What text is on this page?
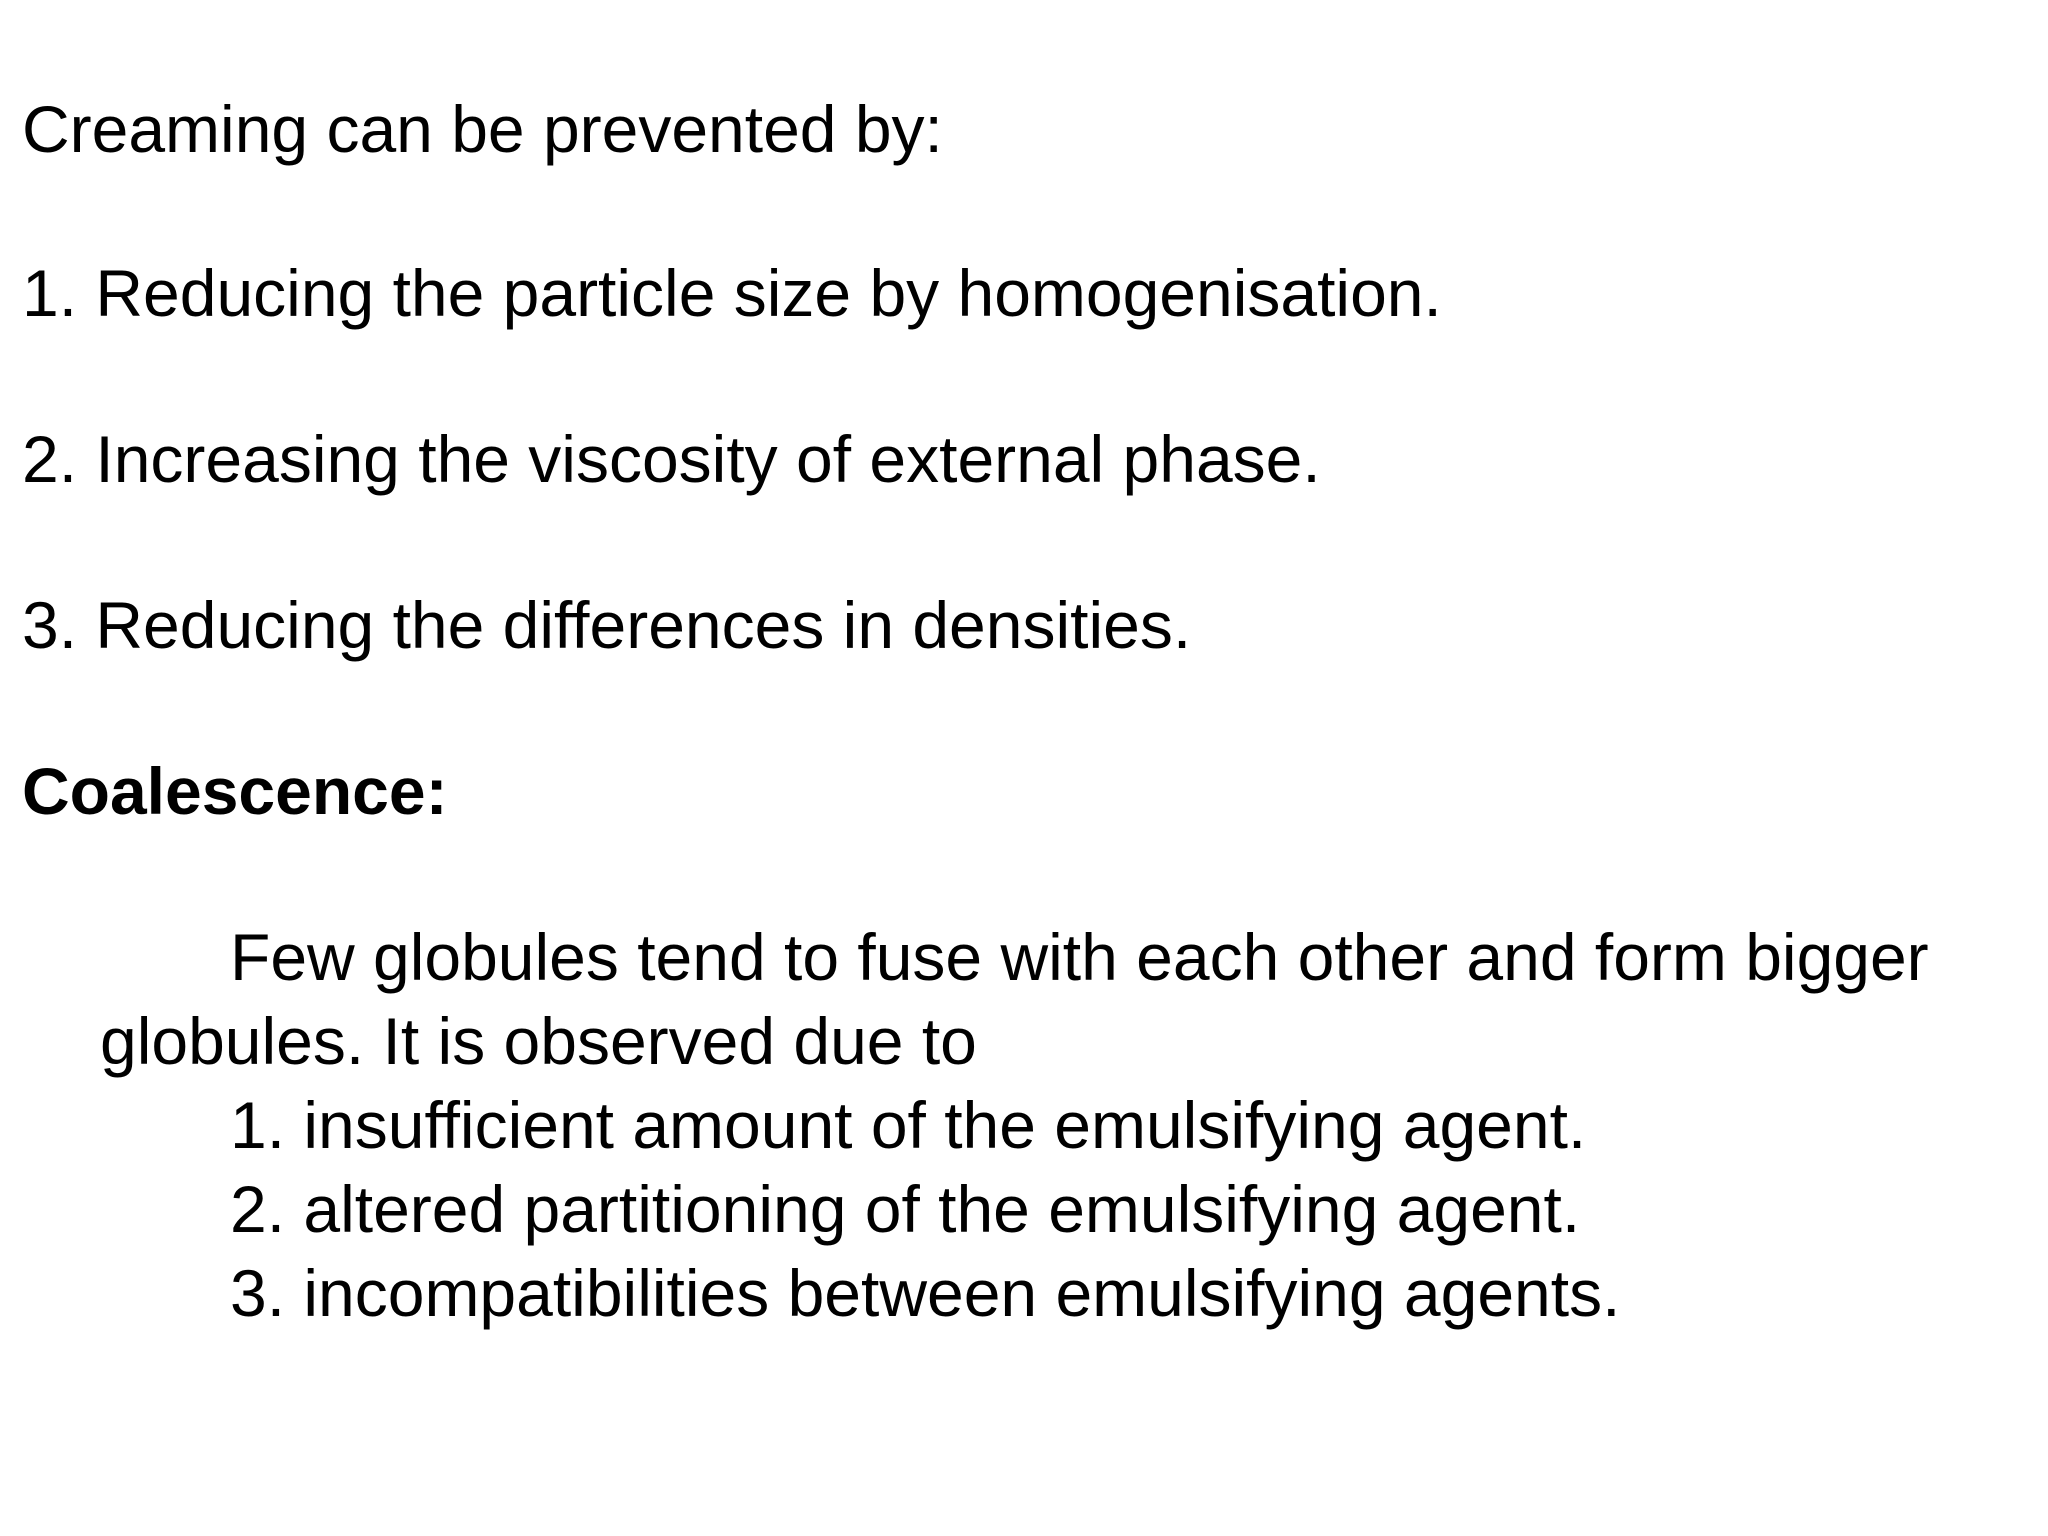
Creaming can be prevented by:
1. Reducing the particle size by homogenisation.
2. Increasing the viscosity of external phase.
3. Reducing the differences in densities.
Coalescence:
Few globules tend to fuse with each other and form bigger
globules. It is observed due to
1. insufficient amount of the emulsifying agent.
2. altered partitioning of the emulsifying agent.
3. incompatibilities between emulsifying agents.
